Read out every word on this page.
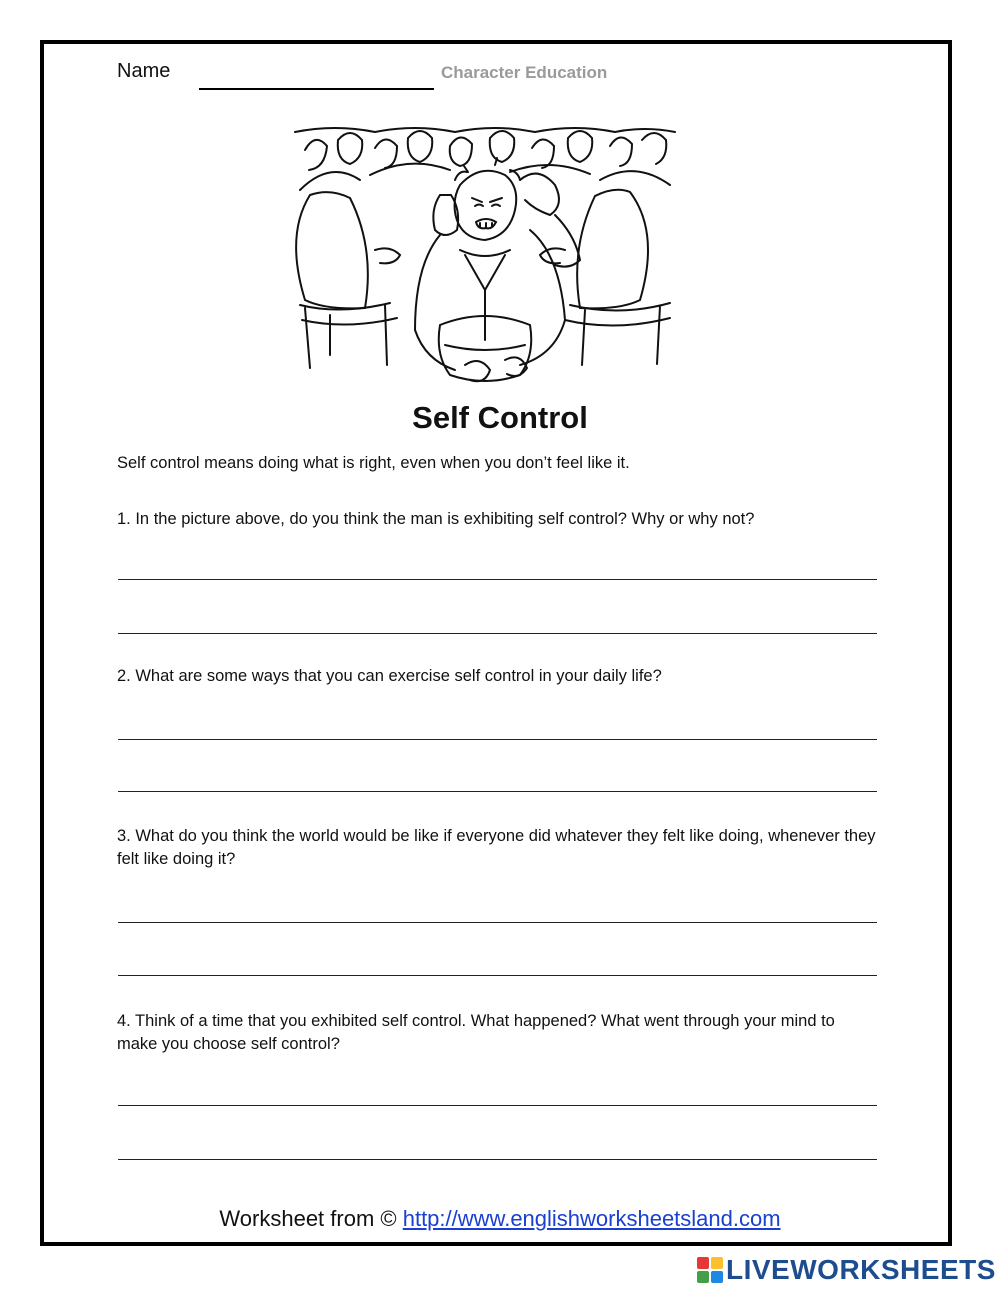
Name	Character Education
Self Control
Self control means doing what is right, even when you don’t feel like it.
1. In the picture above, do you think the man is exhibiting self control? Why or why not?
2. What are some ways that you can exercise self control in your daily life?
3. What do you think the world would be like if everyone did whatever they felt like doing, whenever they felt like doing it?
4. Think of a time that you exhibited self control. What happened? What went through your mind to make you choose self control?
Worksheet from © http://www.englishworksheetsland.com
LIVEWORKSHEETS
